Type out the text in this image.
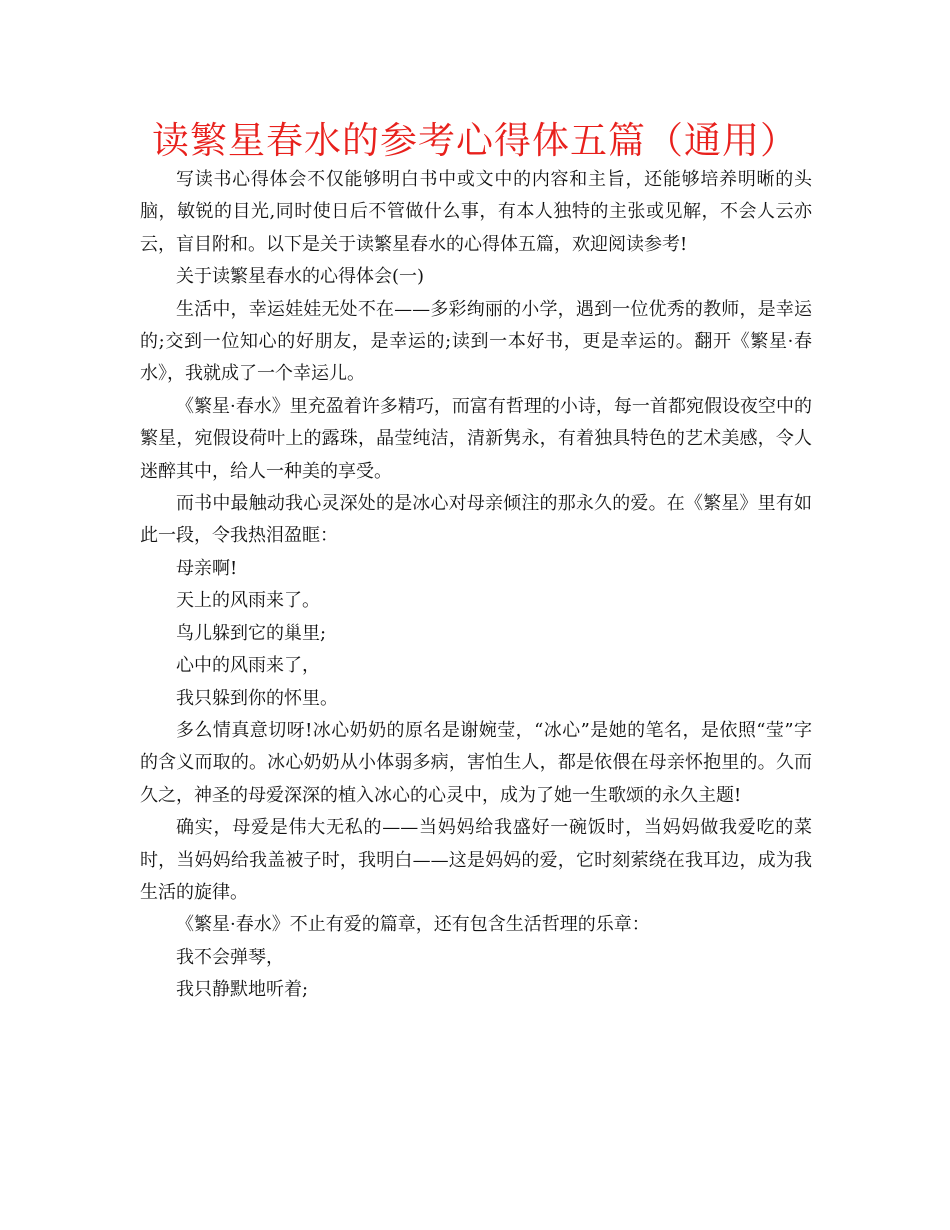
读繁星春水的参考心得体五篇（通用）

写读书心得体会不仅能够明白书中或文中的内容和主旨，还能够培养明晰的头脑，敏锐的目光,同时使日后不管做什么事，有本人独特的主张或见解，不会人云亦云，盲目附和。以下是关于读繁星春水的心得体五篇，欢迎阅读参考!

关于读繁星春水的心得体会(一)

生活中，幸运娃娃无处不在——多彩绚丽的小学，遇到一位优秀的教师，是幸运的;交到一位知心的好朋友，是幸运的;读到一本好书，更是幸运的。翻开《繁星·春水》，我就成了一个幸运儿。

《繁星·春水》里充盈着许多精巧，而富有哲理的小诗，每一首都宛假设夜空中的繁星，宛假设荷叶上的露珠，晶莹纯洁，清新隽永，有着独具特色的艺术美感，令人迷醉其中，给人一种美的享受。

而书中最触动我心灵深处的是冰心对母亲倾注的那永久的爱。在《繁星》里有如此一段，令我热泪盈眶：

母亲啊!

天上的风雨来了。

鸟儿躲到它的巢里;

心中的风雨来了，

我只躲到你的怀里。

多么情真意切呀!冰心奶奶的原名是谢婉莹，“冰心”是她的笔名，是依照“莹”字的含义而取的。冰心奶奶从小体弱多病，害怕生人，都是依偎在母亲怀抱里的。久而久之，神圣的母爱深深的植入冰心的心灵中，成为了她一生歌颂的永久主题!

确实，母爱是伟大无私的——当妈妈给我盛好一碗饭时，当妈妈做我爱吃的菜时，当妈妈给我盖被子时，我明白——这是妈妈的爱，它时刻萦绕在我耳边，成为我生活的旋律。

《繁星·春水》不止有爱的篇章，还有包含生活哲理的乐章：

我不会弹琴，

我只静默地听着;
